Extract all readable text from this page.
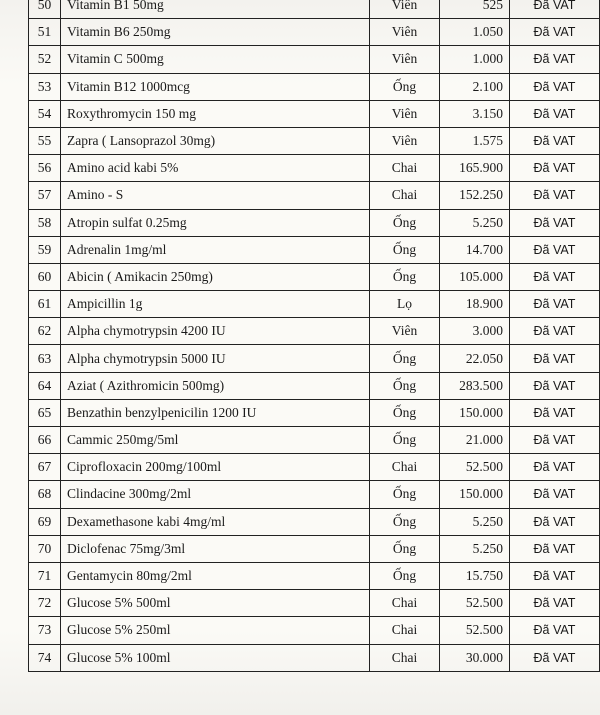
50	Vitamin B1 50mg	Viên	525	Đã VAT
51	Vitamin B6 250mg	Viên	1.050	Đã VAT
52	Vitamin C 500mg	Viên	1.000	Đã VAT
53	Vitamin B12 1000mcg	Ống	2.100	Đã VAT
54	Roxythromycin 150 mg	Viên	3.150	Đã VAT
55	Zapra ( Lansoprazol 30mg)	Viên	1.575	Đã VAT
56	Amino acid kabi 5%	Chai	165.900	Đã VAT
57	Amino - S	Chai	152.250	Đã VAT
58	Atropin sulfat 0.25mg	Ống	5.250	Đã VAT
59	Adrenalin 1mg/ml	Ống	14.700	Đã VAT
60	Abicin ( Amikacin 250mg)	Ống	105.000	Đã VAT
61	Ampicillin 1g	Lọ	18.900	Đã VAT
62	Alpha chymotrypsin 4200 IU	Viên	3.000	Đã VAT
63	Alpha chymotrypsin 5000 IU	Ống	22.050	Đã VAT
64	Aziat ( Azithromicin 500mg)	Ống	283.500	Đã VAT
65	Benzathin benzylpenicilin 1200 IU	Ống	150.000	Đã VAT
66	Cammic 250mg/5ml	Ống	21.000	Đã VAT
67	Ciprofloxacin 200mg/100ml	Chai	52.500	Đã VAT
68	Clindacine 300mg/2ml	Ống	150.000	Đã VAT
69	Dexamethasone kabi 4mg/ml	Ống	5.250	Đã VAT
70	Diclofenac 75mg/3ml	Ống	5.250	Đã VAT
71	Gentamycin 80mg/2ml	Ống	15.750	Đã VAT
72	Glucose 5% 500ml	Chai	52.500	Đã VAT
73	Glucose 5% 250ml	Chai	52.500	Đã VAT
74	Glucose 5% 100ml	Chai	30.000	Đã VAT
